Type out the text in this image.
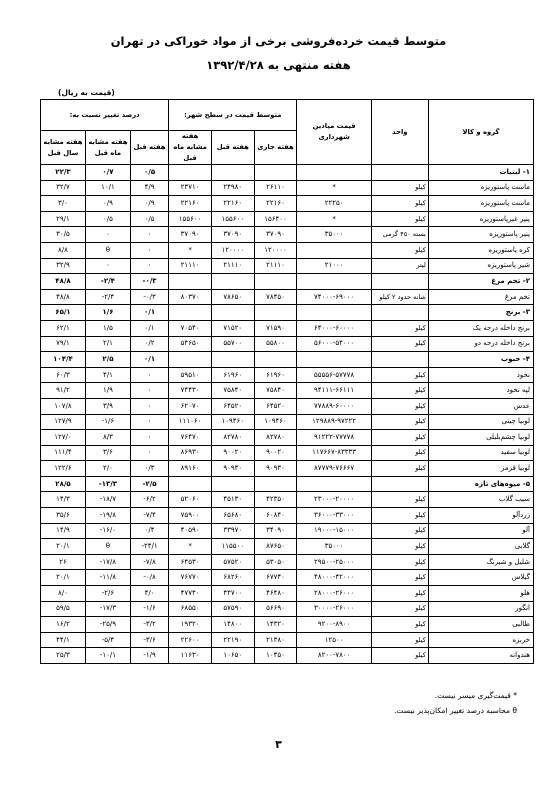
متوسط قیمت خرده‌فروشی برخی از مواد خوراکی در تهران
هفته منتهی به ۱۳۹۲/۴/۲۸
(قیمت به ریال)
گروه و کالا	واحد	قیمت میادین شهرداری	متوسط قیمت در سطح شهر:			درصد تغییر نسبت به:		
			هفته جاری	هفته قبل	هفته مشابه ماه قبل	هفته قبل	هفته مشابه ماه قبل	هفته مشابه سال قبل
۱- لبنیات						۰/۵	۰/۷	۲۲/۳
ماست پاستوریزه	کیلو	*	۲۶۱۱۰	۲۴۹۸۰	۲۳۷۱۰	۴/۹	۱۰/۱	۳۲/۷
ماست پاستوریزه	کیلو	۲۲۲۵۰	۲۲۱۶۰	۲۲۱۶۰	۲۲۱۶۰	۰/۹	۰/۹	۳/۰
پنیر غیرپاستوریزه	کیلو	*	۱۵۶۴۰۰	۱۵۵۶۰۰	۱۵۵۶۰۰	۰/۵	۰/۵	۲۹/۱
پنیر پاستوریزه	بسته ۴۵۰ گرمی	۳۵۰۰۰	۳۷۰۹۰	۳۷۰۹۰	۳۷۰۹۰	۰	۰	۳۰/۵
کره پاستوریزه	کیلو		۱۲۰۰۰۰	۱۲۰۰۰۰	*	۰	θ	۸/۸
شیر پاستوریزه	لیتر	۲۱۰۰۰	۲۱۱۱۰	۲۱۱۱۰	۲۱۱۱۰	۰	۰	۳۲/۹
۲- تخم مرغ						۰/۳-	۲/۴-	۴۸/۸
تخم مرغ	شانه حدود ۲ کیلو	۷۴۰۰۰-۶۹۰۰۰	۷۸۴۵۰	۷۸۶۵۰	۸۰۳۷۰	۰/۳-	۲/۴-	۴۸/۸
۳- برنج						۰/۱	۱/۶	۶۵/۱
برنج داخله درجه یک	کیلو	۶۴۰۰۰-۶۰۰۰۰	۷۱۵۹۰	۷۱۵۲۰	۷۰۵۴۰	۰/۱	۱/۵	۶۲/۱
برنج داخله درجه دو	کیلو	۵۶۰۰۰-۵۴۰۰۰	۵۵۸۰۰	۵۵۷۰۰	۵۴۶۵۰	۰/۲	۲/۱	۷۹/۱
۴- حبوب						۰/۱	۲/۵	۱۰۴/۴
نخود	کیلو	۵۵۵۵۶-۵۷۷۷۸	۶۱۹۶۰	۶۱۹۶۰	۵۹۵۱۰	۰	۴/۱	۶۰/۳
لپه نخود	کیلو	۹۴۱۱۱-۶۶۱۱۱	۷۵۸۴۰	۷۵۸۴۰	۷۴۴۳۰	۰	۱/۹	۹۱/۲
عدس	کیلو	۷۷۸۸۹-۶۰۰۰۰	۶۴۵۲۰	۶۴۵۲۰	۶۲۰۷۰	۰	۳/۹	۱۰۷/۸
لوبیا چیتی	کیلو	۱۲۹۸۸۹-۹۷۲۲۲	۱۰۹۴۶۰	۱۰۹۴۶۰	۱۱۱۰۶۰	۰	۱/۶-	۱۲۷/۹
لوبیا چشم‌بلبلی	کیلو	۹۱۲۲۲-۷۷۷۷۸	۸۲۷۸۰	۸۲۷۸۰	۷۶۴۷۰	۰	۸/۳	۱۲۷/۰
لوبیا سفید	کیلو	۱۱۷۶۶۷-۸۳۳۳۳	۹۰۰۲۰	۹۰۰۲۰	۸۶۹۳۰	۰	۳/۶	۱۱۱/۴
لوبیا قرمز	کیلو	۸۷۷۷۹-۷۶۶۶۷	۹۰۹۳۰	۹۰۹۳۰	۸۹۱۶۰	۰/۳	۲/۰	۱۲۲/۶
۵- میوه‌های تازه						۲/۵-	۱۳/۳-	۲۸/۵
سیب گلاب	کیلو	۲۳۰۰۰-۲۰۰۰۰	۴۲۳۵۰	۴۵۱۳۰	۵۲۰۶۰	۶/۲-	۱۸/۷-	۱۴/۳
زردآلو	کیلو	۳۶۰۰۰-۳۳۰۰۰	۶۰۸۴۰	۶۵۶۸۰	۷۵۹۰۰	۷/۴-	۱۹/۸-	۳۵/۶
آلو	کیلو	۱۹۰۰۰-۱۵۰۰۰	۳۴۰۹۰	۳۳۹۷۰	۴۰۵۹۰	۰/۴	۱۶/۰-	۱۴/۹
گلابی	کیلو	۳۵۰۰۰	۸۷۶۵۰	۱۱۵۵۰۰	*	۲۴/۱-	θ	۲۰/۱
شلیل و شبرنگ	کیلو	۲۹۵۰۰-۲۵۰۰۰	۵۳۰۵۰	۵۷۵۲۰	۶۴۵۳۰	۷/۸-	۱۷/۸-	۲۶
گیلاس	کیلو	۴۸۰۰۰-۴۲۰۰۰	۶۷۷۴۰	۶۸۲۶۰	۷۶۷۷۰	۰/۸-	۱۱/۸-	۲۰/۱
هلو	کیلو	۲۸۰۰۰-۲۶۰۰۰	۴۶۴۸۰	۴۴۷۰۰	۴۷۷۴۰	۴/۰	۲/۶-	۸/۰
انگور	کیلو	۳۰۰۰۰-۲۶۰۰۰	۵۶۶۹۰	۵۷۵۹۰	۶۸۵۵۰	۱/۶-	۱۷/۳-	۵۹/۵
طالبی	کیلو	۹۲۰۰-۸۹۰۰	۱۴۳۲۰	۱۴۸۰۰	۱۹۳۲۰	۳/۲-	۲۵/۹-	۱۶/۲
خربزه	کیلو	۱۲۵۰۰	۲۱۳۸۰	۲۲۱۹۰	۲۲۶۰۰	۳/۶-	۵/۴-	۴۴/۱
هندوانه	کیلو	۸۲۰۰-۷۸۰۰	۱۰۴۵۰	۱۰۶۵۰	۱۱۶۳۰	۱/۹-	۱۰/۱-	۲۵/۳
* قیمت‌گیری میسر نیست.
θ محاسبه درصد تغییر امکان‌پذیر نیست.
۳
